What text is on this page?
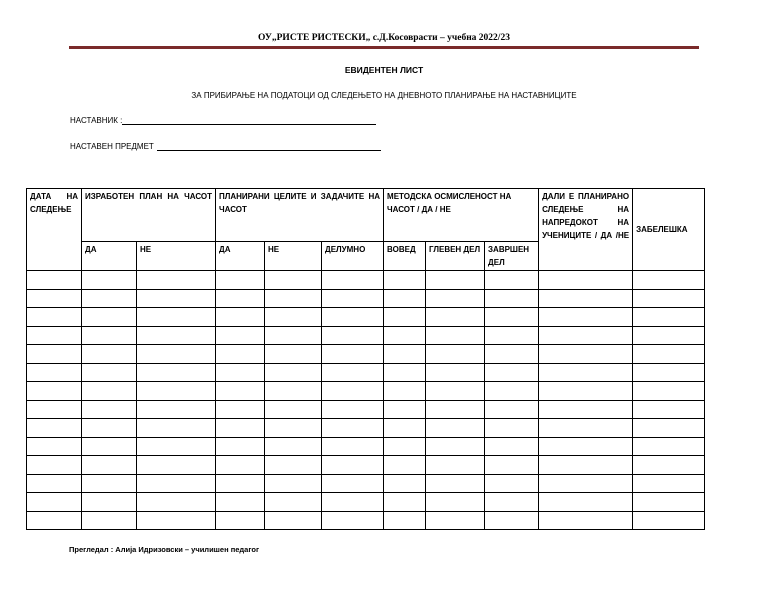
ОУ„РИСТЕ РИСТЕСКИ„ с.Д.Косоврасти – учебна 2022/23
ЕВИДЕНТЕН ЛИСТ
ЗА ПРИБИРАЊЕ НА ПОДАТОЦИ ОД СЛЕДЕЊЕТО НА ДНЕВНОТО ПЛАНИРАЊЕ НА НАСТАВНИЦИТЕ
НАСТАВНИК :
НАСТАВЕН ПРЕДМЕТ
ДАТА НА СЛЕДЕЊЕ	ИЗРАБОТЕН ПЛАН НА ЧАСОТ		ПЛАНИРАНИ ЦЕЛИТЕ И ЗАДАЧИТЕ НА ЧАСОТ			МЕТОДСКА ОСМИСЛЕНОСТ НА ЧАСОТ / ДА / НЕ			ДАЛИ Е ПЛАНИРАНО СЛЕДЕЊЕ НА НАПРЕДОКОТ НА УЧЕНИЦИТЕ / ДА /НЕ	ЗАБЕЛЕШКА
	ДА	НЕ	ДА	НЕ	ДЕЛУМНО	ВОВЕД	ГЛЕВЕН ДЕЛ	ЗАВРШЕН ДЕЛ		

Прегледал : Алија Идризовски – училишен педагог
